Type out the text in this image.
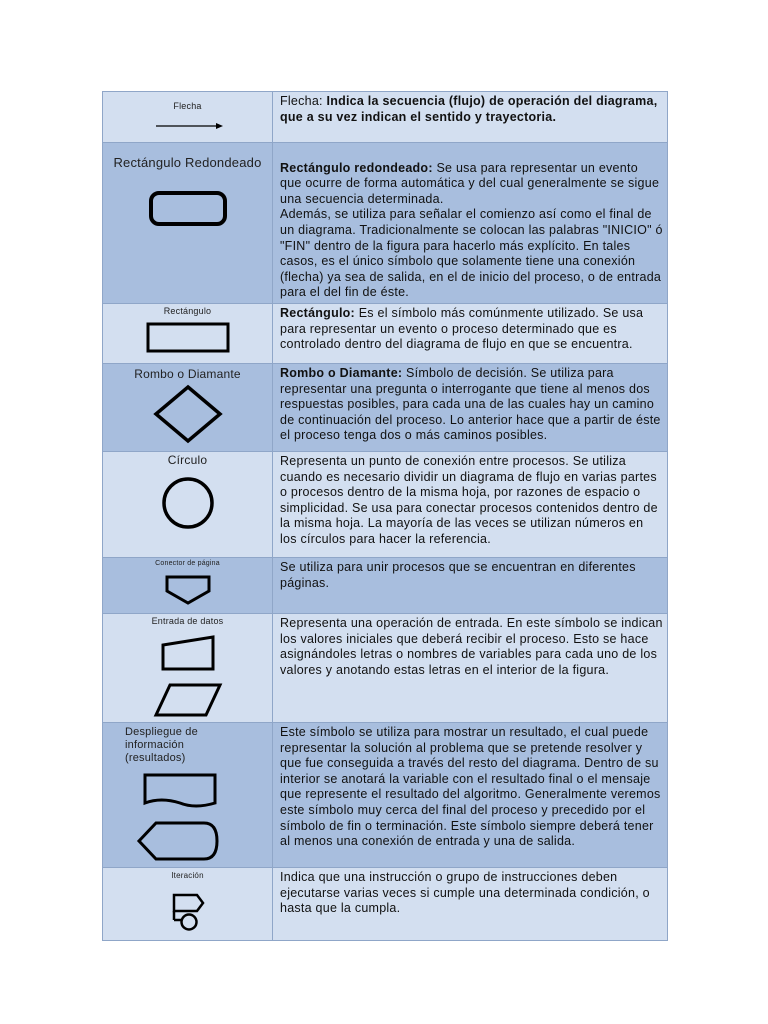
Flecha	Flecha: Indica la secuencia (flujo) de operación del diagrama, que a su vez indican el sentido y trayectoria.

Rectángulo Redondeado	Rectángulo redondeado: Se usa para representar un evento que ocurre de forma automática y del cual generalmente se sigue una secuencia determinada.
Además, se utiliza para señalar el comienzo así como el final de un diagrama. Tradicionalmente se colocan las palabras "INICIO" ó "FIN" dentro de la figura para hacerlo más explícito. En tales casos, es el único símbolo que solamente tiene una conexión (flecha) ya sea de salida, en el de inicio del proceso, o de entrada para el del fin de éste.

Rectángulo	Rectángulo: Es el símbolo más comúnmente utilizado. Se usa para representar un evento o proceso determinado que es controlado dentro del diagrama de flujo en que se encuentra.

Rombo o Diamante	Rombo o Diamante: Símbolo de decisión. Se utiliza para representar una pregunta o interrogante que tiene al menos dos respuestas posibles, para cada una de las cuales hay un camino de continuación del proceso. Lo anterior hace que a partir de éste el proceso tenga dos o más caminos posibles.

Círculo	Representa un punto de conexión entre procesos. Se utiliza cuando es necesario dividir un diagrama de flujo en varias partes o procesos dentro de la misma hoja, por razones de espacio o simplicidad. Se usa para conectar procesos contenidos dentro de la misma hoja. La mayoría de las veces se utilizan números en los círculos para hacer la referencia.

Conector de página	Se utiliza para unir procesos que se encuentran en diferentes páginas.

Entrada de datos	Representa una operación de entrada. En este símbolo se indican los valores iniciales que deberá recibir el proceso. Esto se hace asignándoles letras o nombres de variables para cada uno de los valores y anotando estas letras en el interior de la figura.

Despliegue de información (resultados)	Este símbolo se utiliza para mostrar un resultado, el cual puede representar la solución al problema que se pretende resolver y que fue conseguida a través del resto del diagrama. Dentro de su interior se anotará la variable con el resultado final o el mensaje que represente el resultado del algoritmo. Generalmente veremos este símbolo muy cerca del final del proceso y precedido por el símbolo de fin o terminación. Este símbolo siempre deberá tener al menos una conexión de entrada y una de salida.

Iteración	Indica que una instrucción o grupo de instrucciones deben ejecutarse varias veces si cumple una determinada condición, o hasta que la cumpla.
